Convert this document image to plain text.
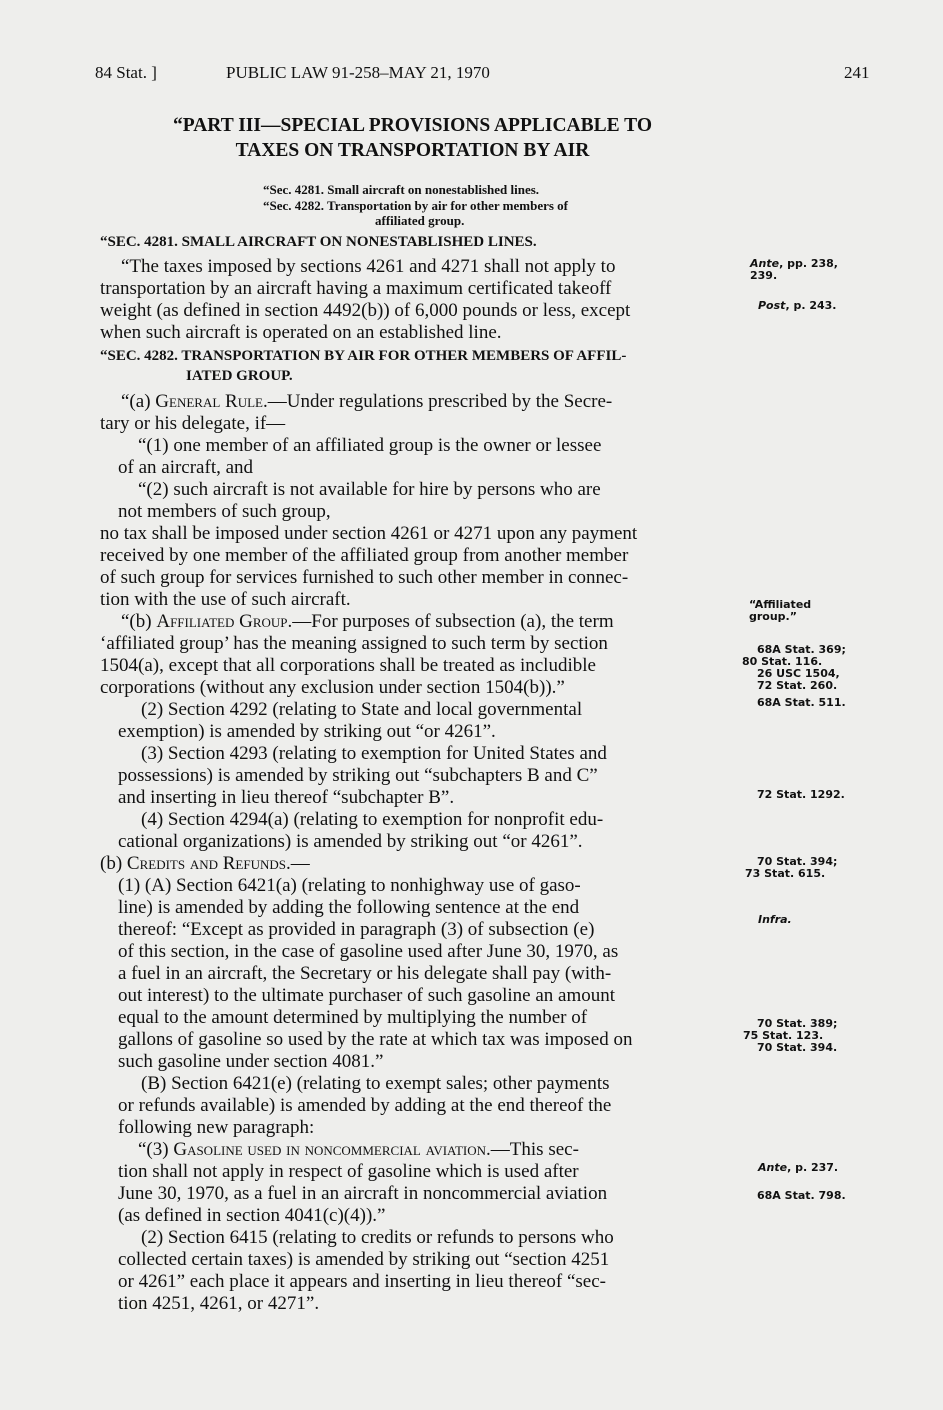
84 Stat. ]	PUBLIC LAW 91-258–MAY 21, 1970	241
“PART III—SPECIAL PROVISIONS APPLICABLE TO
TAXES ON TRANSPORTATION BY AIR
“Sec. 4281. Small aircraft on nonestablished lines.
“Sec. 4282. Transportation by air for other members of
affiliated group.
“SEC. 4281. SMALL AIRCRAFT ON NONESTABLISHED LINES.
“The taxes imposed by sections 4261 and 4271 shall not apply to
transportation by an aircraft having a maximum certificated takeoff
weight (as defined in section 4492(b)) of 6,000 pounds or less, except
when such aircraft is operated on an established line.
“SEC. 4282. TRANSPORTATION BY AIR FOR OTHER MEMBERS OF AFFIL-
IATED GROUP.
“(a) General Rule.—Under regulations prescribed by the Secre-
tary or his delegate, if—
“(1) one member of an affiliated group is the owner or lessee
of an aircraft, and
“(2) such aircraft is not available for hire by persons who are
not members of such group,
no tax shall be imposed under section 4261 or 4271 upon any payment
received by one member of the affiliated group from another member
of such group for services furnished to such other member in connec-
tion with the use of such aircraft.
“(b) Affiliated Group.—For purposes of subsection (a), the term
‘affiliated group’ has the meaning assigned to such term by section
1504(a), except that all corporations shall be treated as includible
corporations (without any exclusion under section 1504(b)).”
(2) Section 4292 (relating to State and local governmental
exemption) is amended by striking out “or 4261”.
(3) Section 4293 (relating to exemption for United States and
possessions) is amended by striking out “subchapters B and C”
and inserting in lieu thereof “subchapter B”.
(4) Section 4294(a) (relating to exemption for nonprofit edu-
cational organizations) is amended by striking out “or 4261”.
(b) Credits and Refunds.—
(1) (A) Section 6421(a) (relating to nonhighway use of gaso-
line) is amended by adding the following sentence at the end
thereof: “Except as provided in paragraph (3) of subsection (e)
of this section, in the case of gasoline used after June 30, 1970, as
a fuel in an aircraft, the Secretary or his delegate shall pay (with-
out interest) to the ultimate purchaser of such gasoline an amount
equal to the amount determined by multiplying the number of
gallons of gasoline so used by the rate at which tax was imposed on
such gasoline under section 4081.”
(B) Section 6421(e) (relating to exempt sales; other payments
or refunds available) is amended by adding at the end thereof the
following new paragraph:
“(3) Gasoline used in noncommercial aviation.—This sec-
tion shall not apply in respect of gasoline which is used after
June 30, 1970, as a fuel in an aircraft in noncommercial aviation
(as defined in section 4041(c)(4)).”
(2) Section 6415 (relating to credits or refunds to persons who
collected certain taxes) is amended by striking out “section 4251
or 4261” each place it appears and inserting in lieu thereof “sec-
tion 4251, 4261, or 4271”.
Ante, pp. 238,
239.
Post, p. 243.
“Affiliated
group.”
68A Stat. 369;
80 Stat. 116.
26 USC 1504,
72 Stat. 260.
68A Stat. 511.
72 Stat. 1292.
70 Stat. 394;
73 Stat. 615.
Infra.
70 Stat. 389;
75 Stat. 123.
70 Stat. 394.
Ante, p. 237.
68A Stat. 798.
